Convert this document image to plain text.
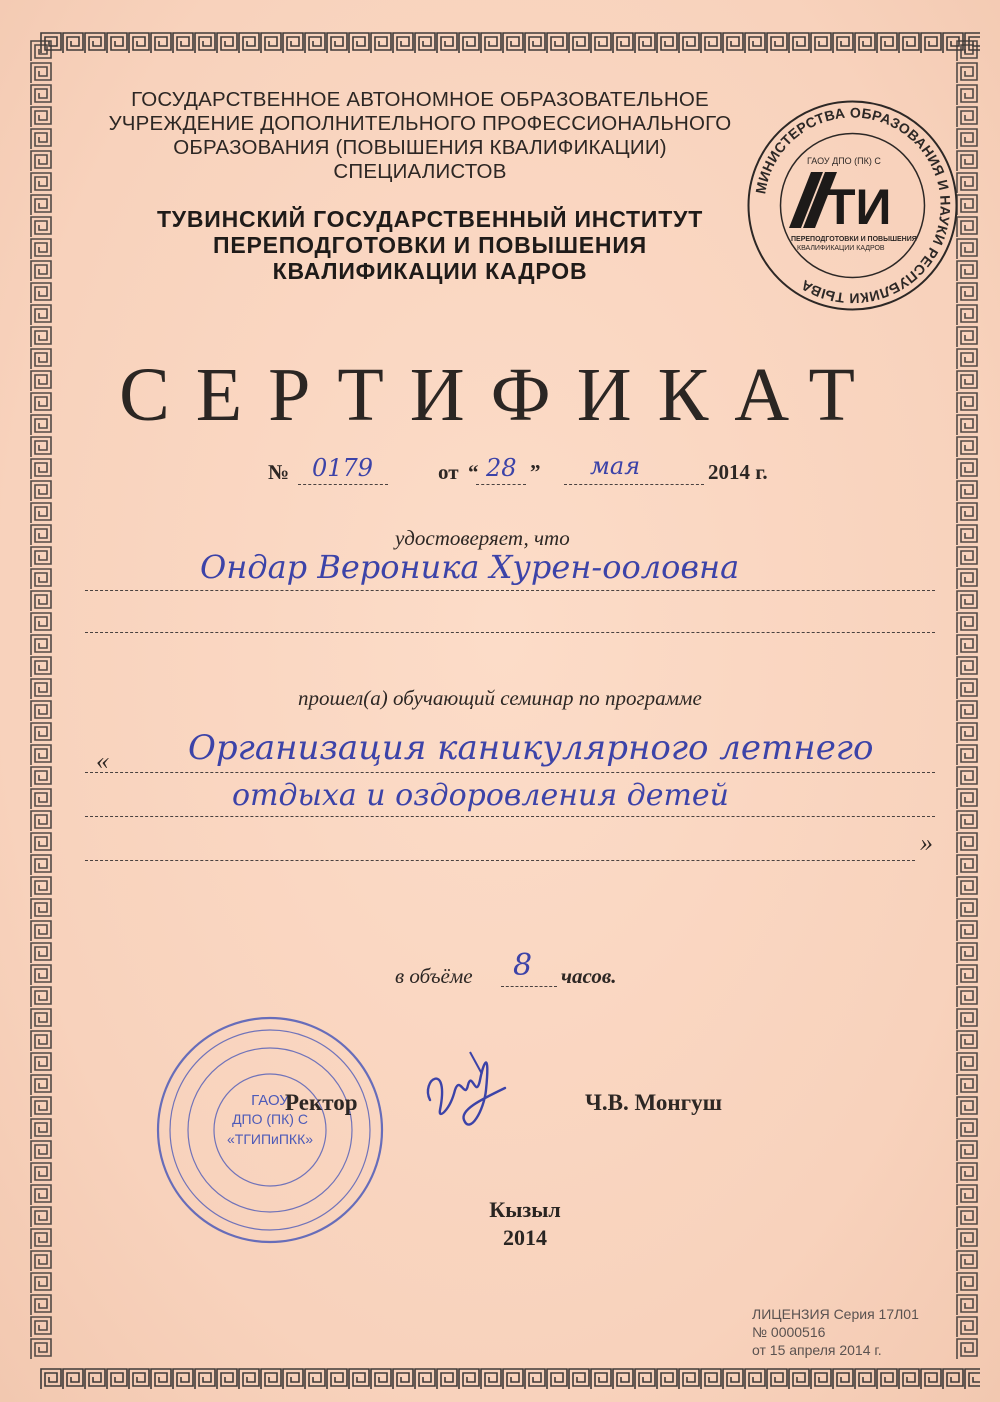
ГОСУДАРСТВЕННОЕ АВТОНОМНОЕ ОБРАЗОВАТЕЛЬНОЕ
УЧРЕЖДЕНИЕ ДОПОЛНИТЕЛЬНОГО ПРОФЕССИОНАЛЬНОГО
ОБРАЗОВАНИЯ (ПОВЫШЕНИЯ КВАЛИФИКАЦИИ)
СПЕЦИАЛИСТОВ
ТУВИНСКИЙ ГОСУДАРСТВЕННЫЙ ИНСТИТУТ
ПЕРЕПОДГОТОВКИ И ПОВЫШЕНИЯ
КВАЛИФИКАЦИИ КАДРОВ
МИНИСТЕРСТВА ОБРАЗОВАНИЯ И НАУКИ РЕСПУБЛИКИ ТЫВА
ГАОУ ДПО (ПК) С
ТИ
ПЕРЕПОДГОТОВКИ И ПОВЫШЕНИЯ
КВАЛИФИКАЦИИ КАДРОВ
СЕРТИФИКАТ
№ 0179	от “ 28 ” мая	2014 г.
удостоверяет, что
Ондар Вероника Хурен-ооловна
прошел(а) обучающий семинар по программе
« Организация каникулярного летнего
отдыха и оздоровления детей
»
в объёме 8 часов.
ГАОУ
ДПО (ПК) С
«ТГИПиПКК»
Ректор	Ч.В. Монгуш
Кызыл
2014
ЛИЦЕНЗИЯ Серия 17Л01
№ 0000516
от 15 апреля 2014 г.
